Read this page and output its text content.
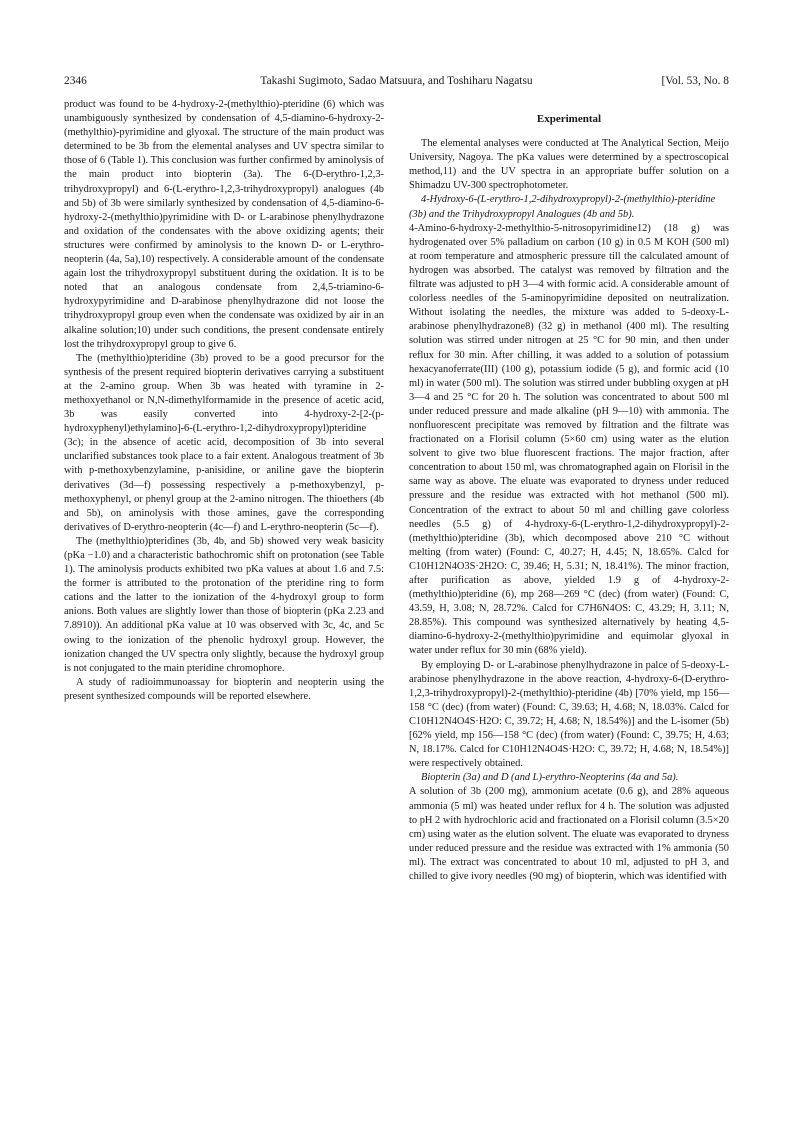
2346	Takashi Sugimoto, Sadao Matsuura, and Toshiharu Nagatsu	[Vol. 53, No. 8

product was found to be 4-hydroxy-2-(methylthio)-pteridine (6) which was unambiguously synthesized by condensation of 4,5-diamino-6-hydroxy-2-(methylthio)-pyrimidine and glyoxal. The structure of the main product was determined to be 3b from the elemental analyses and UV spectra similar to those of 6 (Table 1). This conclusion was further confirmed by aminolysis of the main product into biopterin (3a). The 6-(D-erythro-1,2,3-trihydroxypropyl) and 6-(L-erythro-1,2,3-trihydroxypropyl) analogues (4b and 5b) of 3b were similarly synthesized by condensation of 4,5-diamino-6-hydroxy-2-(methylthio)pyrimidine with D- or L-arabinose phenylhydrazone and oxidation of the condensates with the above oxidizing agents; their structures were confirmed by aminolysis to the known D- or L-erythro-neopterin (4a, 5a),10) respectively. A considerable amount of the condensate again lost the trihydroxypropyl substituent during the oxidation. It is to be noted that an analogous condensate from 2,4,5-triamino-6-hydroxypyrimidine and D-arabinose phenylhydrazone did not loose the trihydroxypropyl group even when the condensate was oxidized by air in an alkaline solution;10) under such conditions, the present condensate entirely lost the trihydroxypropyl group to give 6.

The (methylthio)pteridine (3b) proved to be a good precursor for the synthesis of the present required biopterin derivatives carrying a substituent at the 2-amino group. When 3b was heated with tyramine in 2-methoxyethanol or N,N-dimethylformamide in the presence of acetic acid, 3b was easily converted into 4-hydroxy-2-[2-(p-hydroxyphenyl)ethylamino]-6-(L-erythro-1,2-dihydroxypropyl)pteridine (3c); in the absence of acetic acid, decomposition of 3b into several unclarified substances took place to a fair extent. Analogous treatment of 3b with p-methoxybenzylamine, p-anisidine, or aniline gave the biopterin derivatives (3d—f) possessing respectively a p-methoxybenzyl, p-methoxyphenyl, or phenyl group at the 2-amino nitrogen. The thioethers (4b and 5b), on aminolysis with those amines, gave the corresponding derivatives of D-erythro-neopterin (4c—f) and L-erythro-neopterin (5c—f).

The (methylthio)pteridines (3b, 4b, and 5b) showed very weak basicity (pKa −1.0) and a characteristic bathochromic shift on protonation (see Table 1). The aminolysis products exhibited two pKa values at about 1.6 and 7.5: the former is attributed to the protonation of the pteridine ring to form cations and the latter to the ionization of the 4-hydroxyl group to form anions. Both values are slightly lower than those of biopterin (pKa 2.23 and 7.8910)). An additional pKa value at 10 was observed with 3c, 4c, and 5c owing to the ionization of the phenolic hydroxyl group. However, the ionization changed the UV spectra only slightly, because the hydroxyl group is not conjugated to the main pteridine chromophore.

A study of radioimmunoassay for biopterin and neopterin using the present synthesized compounds will be reported elsewhere.

Experimental

The elemental analyses were conducted at The Analytical Section, Meijo University, Nagoya. The pKa values were determined by a spectroscopical method,11) and the UV spectra in an appropriate buffer solution on a Shimadzu UV-300 spectrophotometer.

4-Hydroxy-6-(L-erythro-1,2-dihydroxypropyl)-2-(methylthio)-pteridine (3b) and the Trihydroxypropyl Analogues (4b and 5b).

4-Amino-6-hydroxy-2-methylthio-5-nitrosopyrimidine12) (18 g) was hydrogenated over 5% palladium on carbon (10 g) in 0.5 M KOH (500 ml) at room temperature and atmospheric pressure till the calculated amount of hydrogen was absorbed. The catalyst was removed by filtration and the filtrate was adjusted to pH 3—4 with formic acid. A considerable amount of colorless needles of the 5-aminopyrimidine deposited on neutralization. Without isolating the needles, the mixture was added to 5-deoxy-L-arabinose phenylhydrazone8) (32 g) in methanol (400 ml). The resulting solution was stirred under nitrogen at 25 °C for 90 min, and then under reflux for 30 min. After chilling, it was added to a solution of potassium hexacyanoferrate(III) (100 g), potassium iodide (5 g), and formic acid (10 ml) in water (500 ml). The solution was stirred under bubbling oxygen at pH 3—4 and 25 °C for 20 h. The solution was concentrated to about 500 ml under reduced pressure and made alkaline (pH 9—10) with ammonia. The nonfluorescent precipitate was removed by filtration and the filtrate was fractionated on a Florisil column (5×60 cm) using water as the elution solvent to give two blue fluorescent fractions. The major fraction, after concentration to about 150 ml, was chromatographed again on Florisil in the same way as above. The eluate was evaporated to dryness under reduced pressure and the residue was extracted with hot methanol (500 ml). Concentration of the extract to about 50 ml and chilling gave colorless needles (5.5 g) of 4-hydroxy-6-(L-erythro-1,2-dihydroxypropyl)-2-(methylthio)pteridine (3b), which decomposed above 210 °C without melting (from water) (Found: C, 40.27; H, 4.45; N, 18.65%. Calcd for C10H12N4O3S·2H2O: C, 39.46; H, 5.31; N, 18.41%). The minor fraction, after purification as above, yielded 1.9 g of 4-hydroxy-2-(methylthio)pteridine (6), mp 268—269 °C (dec) (from water) (Found: C, 43.59, H, 3.08; N, 28.72%. Calcd for C7H6N4OS: C, 43.29; H, 3.11; N, 28.85%). This compound was synthesized alternatively by heating 4,5-diamino-6-hydroxy-2-(methylthio)pyrimidine and equimolar glyoxal in water under reflux for 30 min (68% yield).

By employing D- or L-arabinose phenylhydrazone in palce of 5-deoxy-L-arabinose phenylhydrazone in the above reaction, 4-hydroxy-6-(D-erythro-1,2,3-trihydroxypropyl)-2-(methylthio)-pteridine (4b) [70% yield, mp 156—158 °C (dec) (from water) (Found: C, 39.63; H, 4.68; N, 18.03%. Calcd for C10H12N4O4S·H2O: C, 39.72; H, 4.68; N, 18.54%)] and the L-isomer (5b) [62% yield, mp 156—158 °C (dec) (from water) (Found: C, 39.75; H, 4.63; N, 18.17%. Calcd for C10H12N4O4S·H2O: C, 39.72; H, 4.68; N, 18.54%)] were respectively obtained.

Biopterin (3a) and D (and L)-erythro-Neopterins (4a and 5a).

A solution of 3b (200 mg), ammonium acetate (0.6 g), and 28% aqueous ammonia (5 ml) was heated under reflux for 4 h. The solution was adjusted to pH 2 with hydrochloric acid and fractionated on a Florisil column (3.5×20 cm) using water as the elution solvent. The eluate was evaporated to dryness under reduced pressure and the residue was extracted with 1% ammonia (50 ml). The extract was concentrated to about 10 ml, adjusted to pH 3, and chilled to give ivory needles (90 mg) of biopterin, which was identified with
